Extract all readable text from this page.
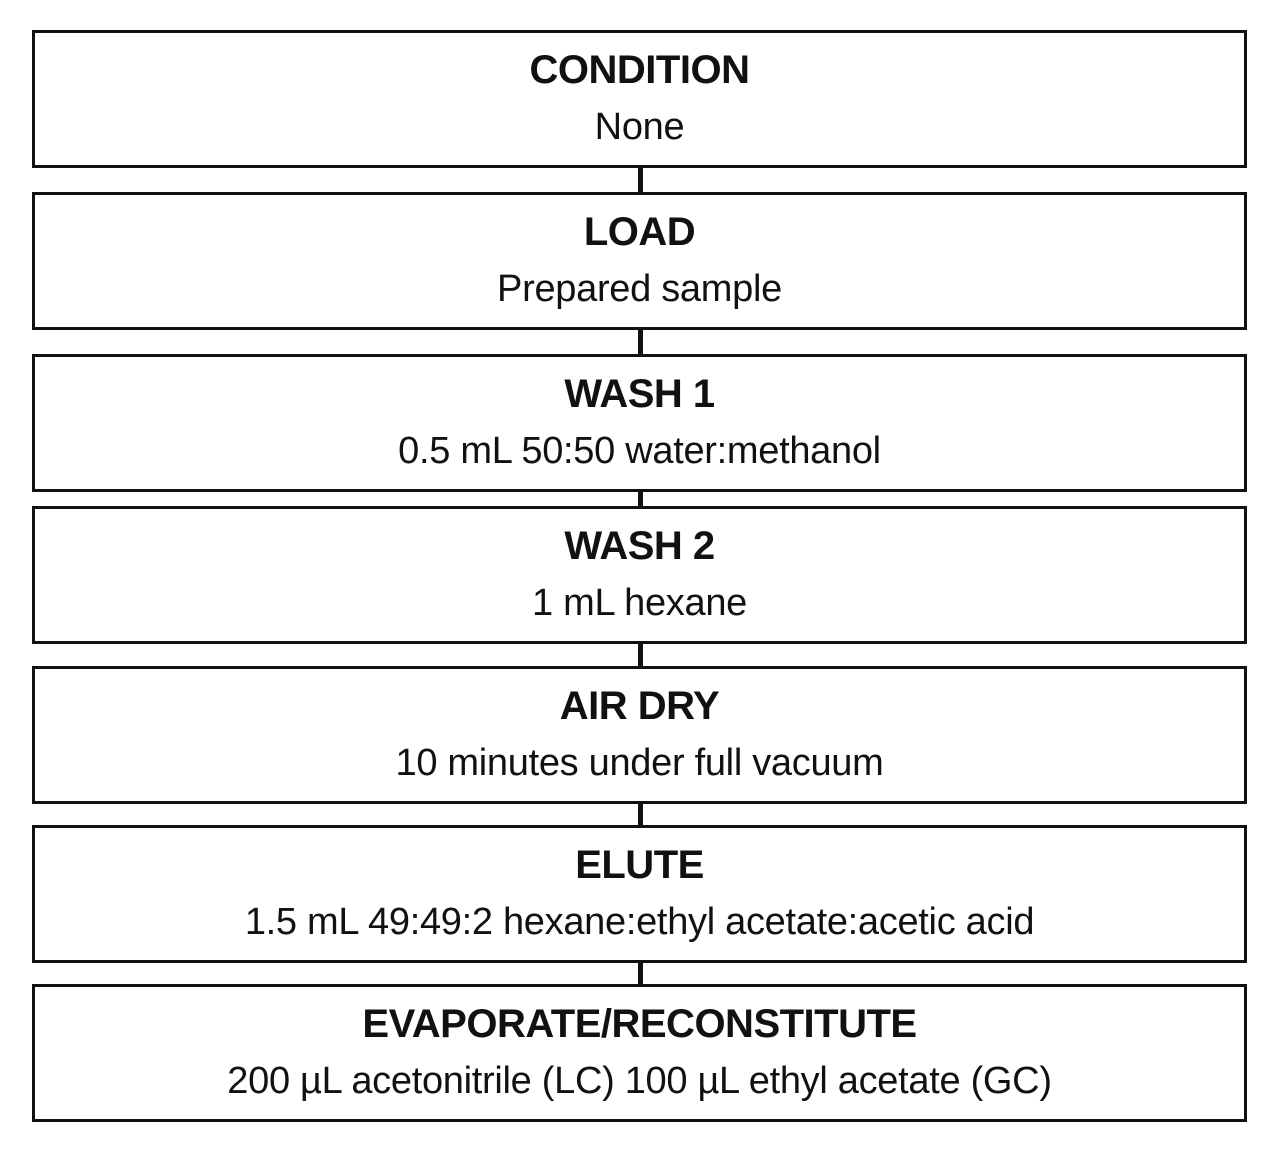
CONDITION
None
LOAD
Prepared sample
WASH 1
0.5 mL 50:50 water:methanol
WASH 2
1 mL hexane
AIR DRY
10 minutes under full vacuum
ELUTE
1.5 mL 49:49:2 hexane:ethyl acetate:acetic acid
EVAPORATE/RECONSTITUTE
200 µL acetonitrile (LC) 100 µL ethyl acetate (GC)
